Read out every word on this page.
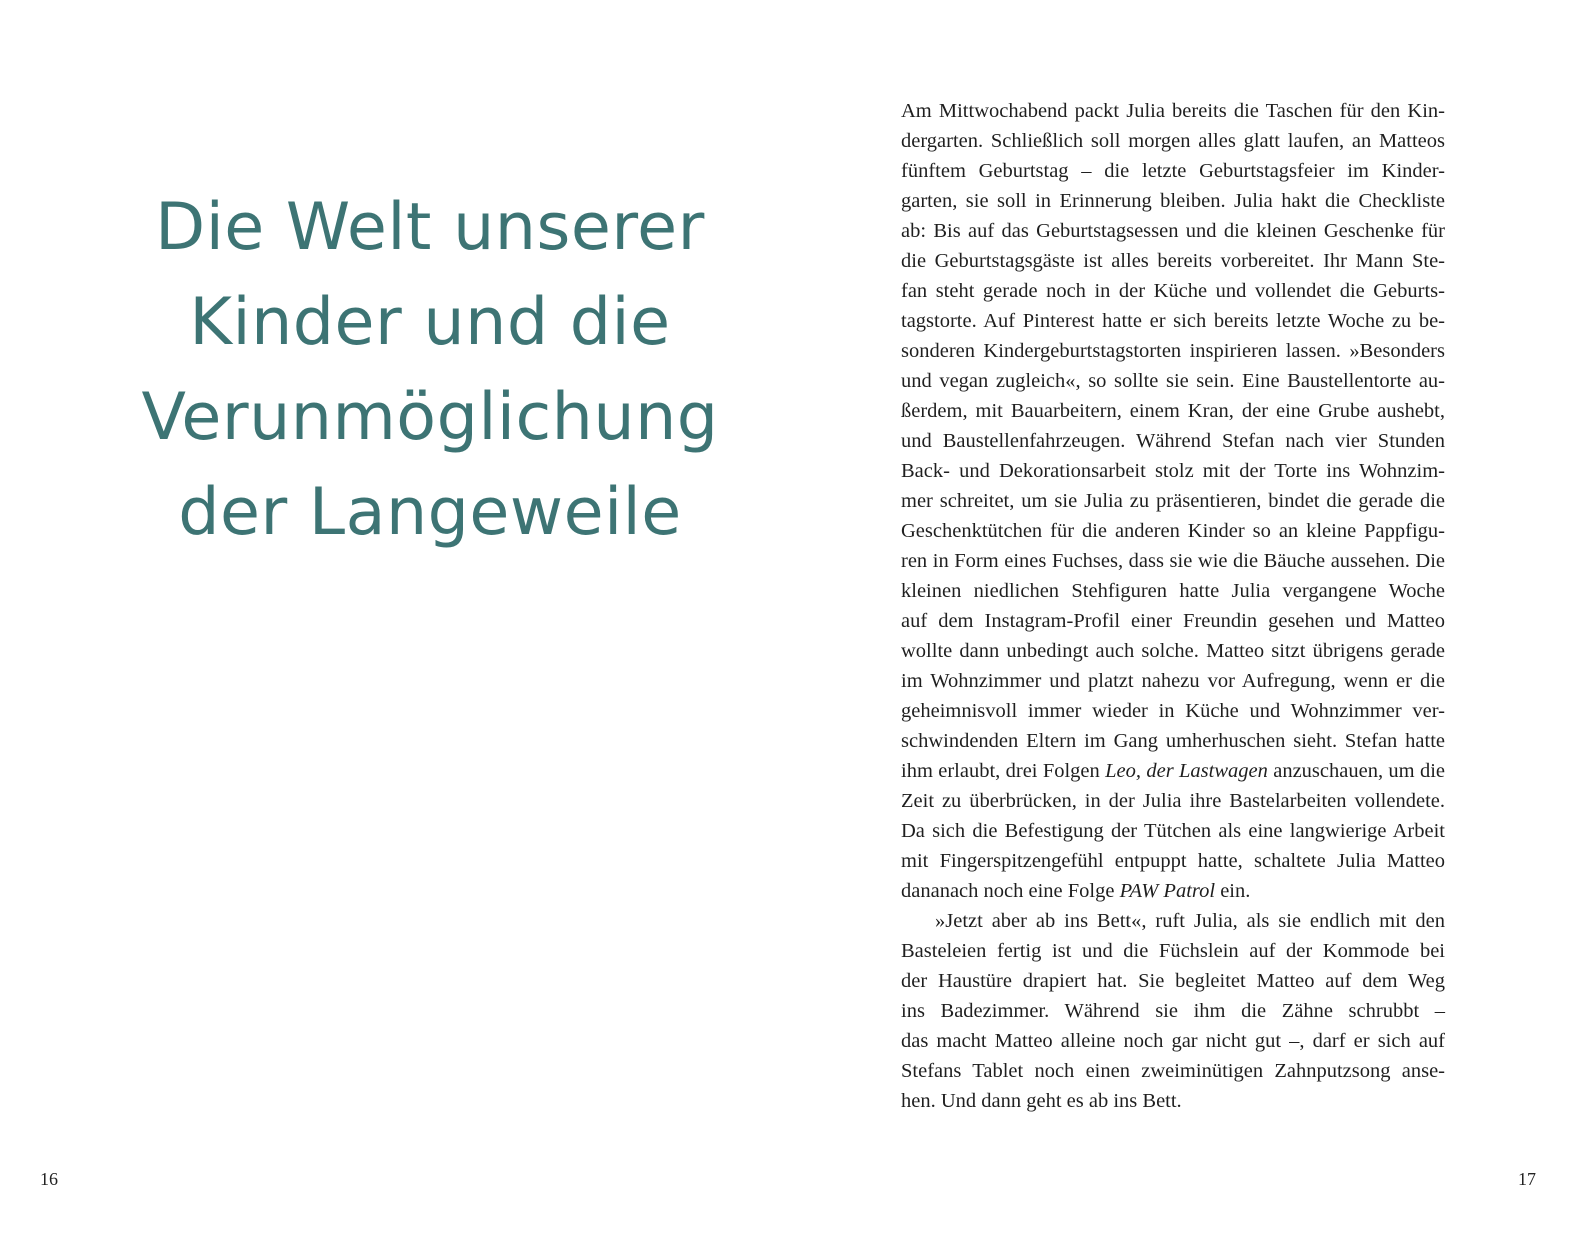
Die Welt unserer
Kinder und die
Verunmöglichung
der Langeweile
16
Am Mittwochabend packt Julia bereits die Taschen für den Kin-
dergarten. Schließlich soll morgen alles glatt laufen, an Matteos
fünftem Geburtstag – die letzte Geburtstagsfeier im Kinder-
garten, sie soll in Erinnerung bleiben. Julia hakt die Checkliste
ab: Bis auf das Geburtstagsessen und die kleinen Geschenke für
die Geburtstagsgäste ist alles bereits vorbereitet. Ihr Mann Ste-
fan steht gerade noch in der Küche und vollendet die Geburts-
tagstorte. Auf Pinterest hatte er sich bereits letzte Woche zu be-
sonderen Kindergeburtstagstorten inspirieren lassen. »Besonders
und vegan zugleich«, so sollte sie sein. Eine Baustellentorte au-
ßerdem, mit Bauarbeitern, einem Kran, der eine Grube aushebt,
und Baustellenfahrzeugen. Während Stefan nach vier Stunden
Back- und Dekorationsarbeit stolz mit der Torte ins Wohnzim-
mer schreitet, um sie Julia zu präsentieren, bindet die gerade die
Geschenktütchen für die anderen Kinder so an kleine Pappfigu-
ren in Form eines Fuchses, dass sie wie die Bäuche aussehen. Die
kleinen niedlichen Stehfiguren hatte Julia vergangene Woche
auf dem Instagram-Profil einer Freundin gesehen und Matteo
wollte dann unbedingt auch solche. Matteo sitzt übrigens gerade
im Wohnzimmer und platzt nahezu vor Aufregung, wenn er die
geheimnisvoll immer wieder in Küche und Wohnzimmer ver-
schwindenden Eltern im Gang umherhuschen sieht. Stefan hatte
ihm erlaubt, drei Folgen Leo, der Lastwagen anzuschauen, um die
Zeit zu überbrücken, in der Julia ihre Bastelarbeiten vollendete.
Da sich die Befestigung der Tütchen als eine langwierige Arbeit
mit Fingerspitzengefühl entpuppt hatte, schaltete Julia Matteo
dananach noch eine Folge PAW Patrol ein.
»Jetzt aber ab ins Bett«, ruft Julia, als sie endlich mit den
Basteleien fertig ist und die Füchslein auf der Kommode bei
der Haustüre drapiert hat. Sie begleitet Matteo auf dem Weg
ins Badezimmer. Während sie ihm die Zähne schrubbt –
das macht Matteo alleine noch gar nicht gut –, darf er sich auf
Stefans Tablet noch einen zweiminütigen Zahnputzsong anse-
hen. Und dann geht es ab ins Bett.
17
